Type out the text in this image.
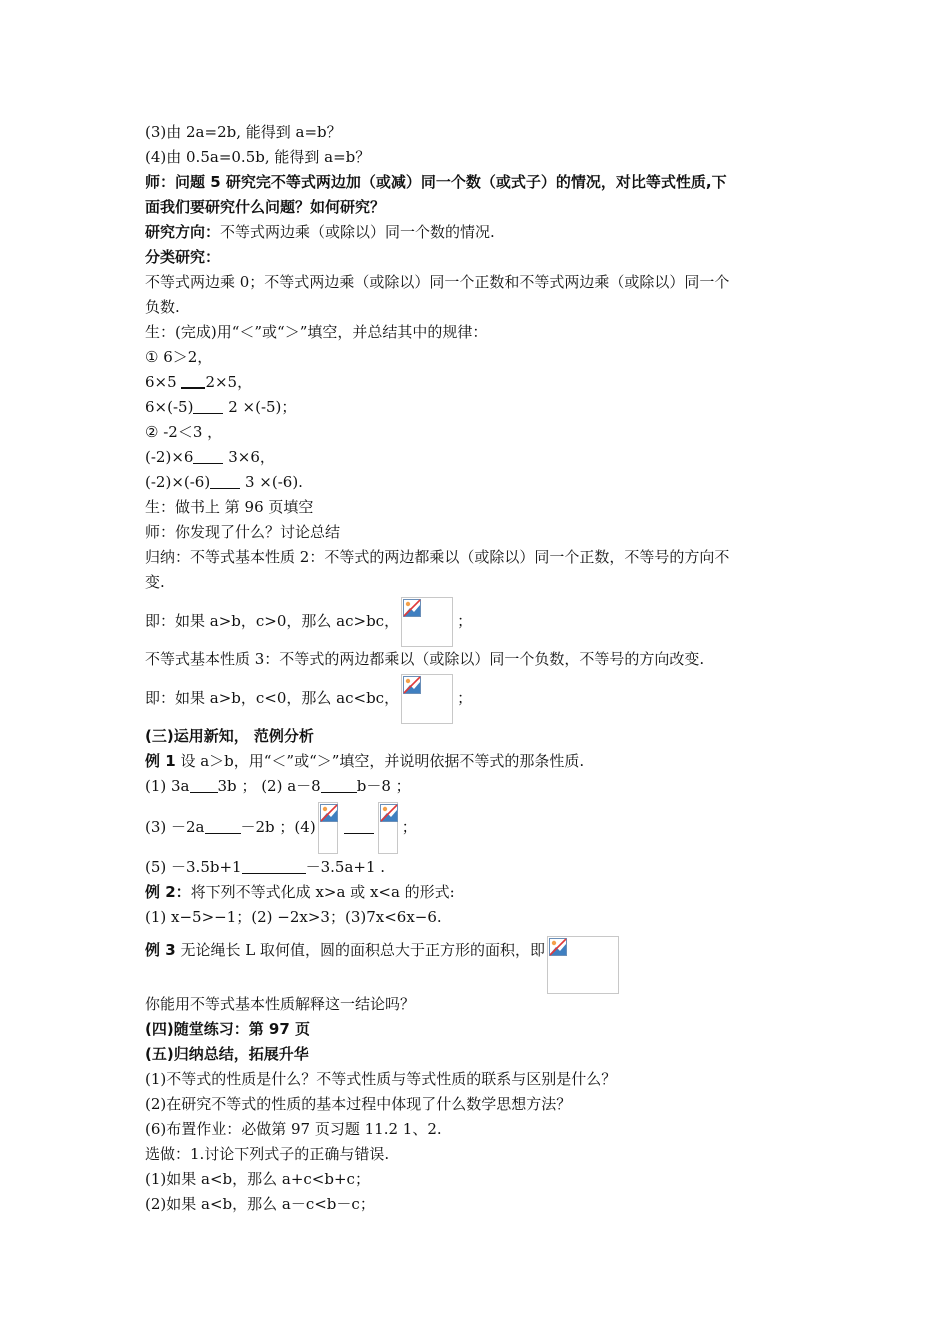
(3)由 2a=2b, 能得到 a=b？
(4)由 0.5a=0.5b, 能得到 a=b？
师：问题 5 研究完不等式两边加（或减）同一个数（或式子）的情况，对比等式性质,下
面我们要研究什么问题？如何研究？
研究方向：不等式两边乘（或除以）同一个数的情况.
分类研究：
不等式两边乘 0；不等式两边乘（或除以）同一个正数和不等式两边乘（或除以）同一个
负数.
生：(完成)用“＜”或“＞”填空，并总结其中的规律：
① 6＞2，
6×5 2×5，
6×(-5) 2 ×(-5)；
② -2＜3 ，
(-2)×6 3×6，
(-2)×(-6) 3 ×(-6).
生：做书上 第 96 页填空
师：你发现了什么？讨论总结
归纳：不等式基本性质 2：不等式的两边都乘以（或除以）同一个正数，不等号的方向不
变.
即：如果 a>b，c>0，那么 ac>bc，	；
不等式基本性质 3：不等式的两边都乘以（或除以）同一个负数，不等号的方向改变.
即：如果 a>b，c<0，那么 ac<bc，	；
(三)运用新知， 范例分析
例 1 设 a＞b，用“＜”或“＞”填空，并说明依据不等式的那条性质.
(1) 3a 3b ； (2) a－8 b－8 ；
(3) －2a －2b ；(4)	；
(5) －3.5b+1	－3.5a+1 .
例 2：将下列不等式化成 x>a 或 x<a 的形式:
(1) x−5>−1；(2) −2x>3；(3)7x<6x−6.
例 3 无论绳长 L 取何值，圆的面积总大于正方形的面积，即
你能用不等式基本性质解释这一结论吗？
(四)随堂练习：第 97 页
(五)归纳总结，拓展升华
(1)不等式的性质是什么？不等式性质与等式性质的联系与区别是什么？
(2)在研究不等式的性质的基本过程中体现了什么数学思想方法？
(6)布置作业：必做第 97 页习题 11.2 1、2.
选做：1.讨论下列式子的正确与错误.
(1)如果 a<b，那么 a+c<b+c；
(2)如果 a<b，那么 a－c<b－c；
